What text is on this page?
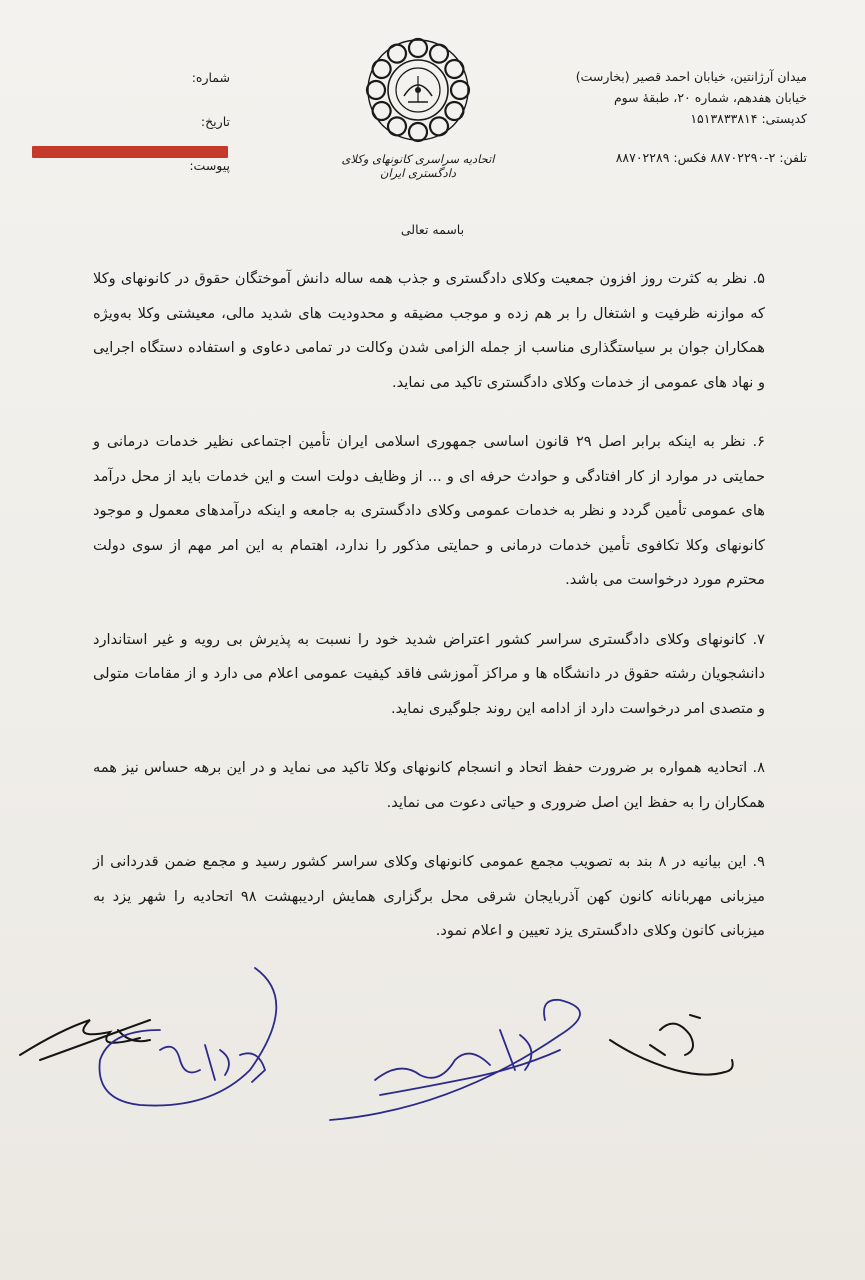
میدان آرژانتین، خیابان احمد قصیر (بخارست)
خیابان هفدهم، شماره ۲۰، طبقهٔ سوم
کدپستی: ۱۵۱۳۸۳۳۸۱۴
تلفن: ۲-۸۸۷۰۲۲۹۰ فکس: ۸۸۷۰۲۲۸۹
اتحادیه سراسری کانونهای وکلای دادگستری ایران
شماره:
تاریخ:
پیوست:
باسمه تعالی

۵. نظر به کثرت روز افزون جمعیت وکلای دادگستری و جذب همه ساله دانش آموختگان حقوق در کانونهای وکلا که موازنه ظرفیت و اشتغال را بر هم زده و موجب مضیقه و محدودیت های شدید مالی، معیشتی وکلا به‌ویژه همکاران جوان بر سیاستگذاری مناسب از جمله الزامی شدن وکالت در تمامی دعاوی و استفاده دستگاه اجرایی و نهاد های عمومی از خدمات وکلای دادگستری تاکید می نماید.

۶. نظر به اینکه برابر اصل ۲۹ قانون اساسی جمهوری اسلامی ایران تأمین اجتماعی نظیر خدمات درمانی و حمایتی در موارد از کار افتادگی و حوادث حرفه ای و ... از وظایف دولت است و این خدمات باید از محل درآمد های عمومی تأمین گردد و نظر به خدمات عمومی وکلای دادگستری به جامعه و اینکه درآمدهای معمول و موجود کانونهای وکلا تکافوی تأمین خدمات درمانی و حمایتی مذکور را ندارد، اهتمام به این امر مهم از سوی دولت محترم مورد درخواست می باشد.

۷. کانونهای وکلای دادگستری سراسر کشور اعتراض شدید خود را نسبت به پذیرش بی رویه و غیر استاندارد دانشجویان رشته حقوق در دانشگاه ها و مراکز آموزشی فاقد کیفیت عمومی اعلام می دارد و از مقامات متولی و متصدی امر درخواست دارد از ادامه این روند جلوگیری نماید.

۸. اتحادیه همواره بر ضرورت حفظ اتحاد و انسجام کانونهای وکلا تاکید می نماید و در این برهه حساس نیز همه همکاران را به حفظ این اصل ضروری و حیاتی دعوت می نماید.

۹. این بیانیه در ۸ بند به تصویب مجمع عمومی کانونهای وکلای سراسر کشور رسید و مجمع ضمن قدردانی از میزبانی مهربانانه کانون کهن آذربایجان شرقی محل برگزاری همایش اردیبهشت ۹۸ اتحادیه را شهر یزد به میزبانی کانون وکلای دادگستری یزد تعیین و اعلام نمود.
